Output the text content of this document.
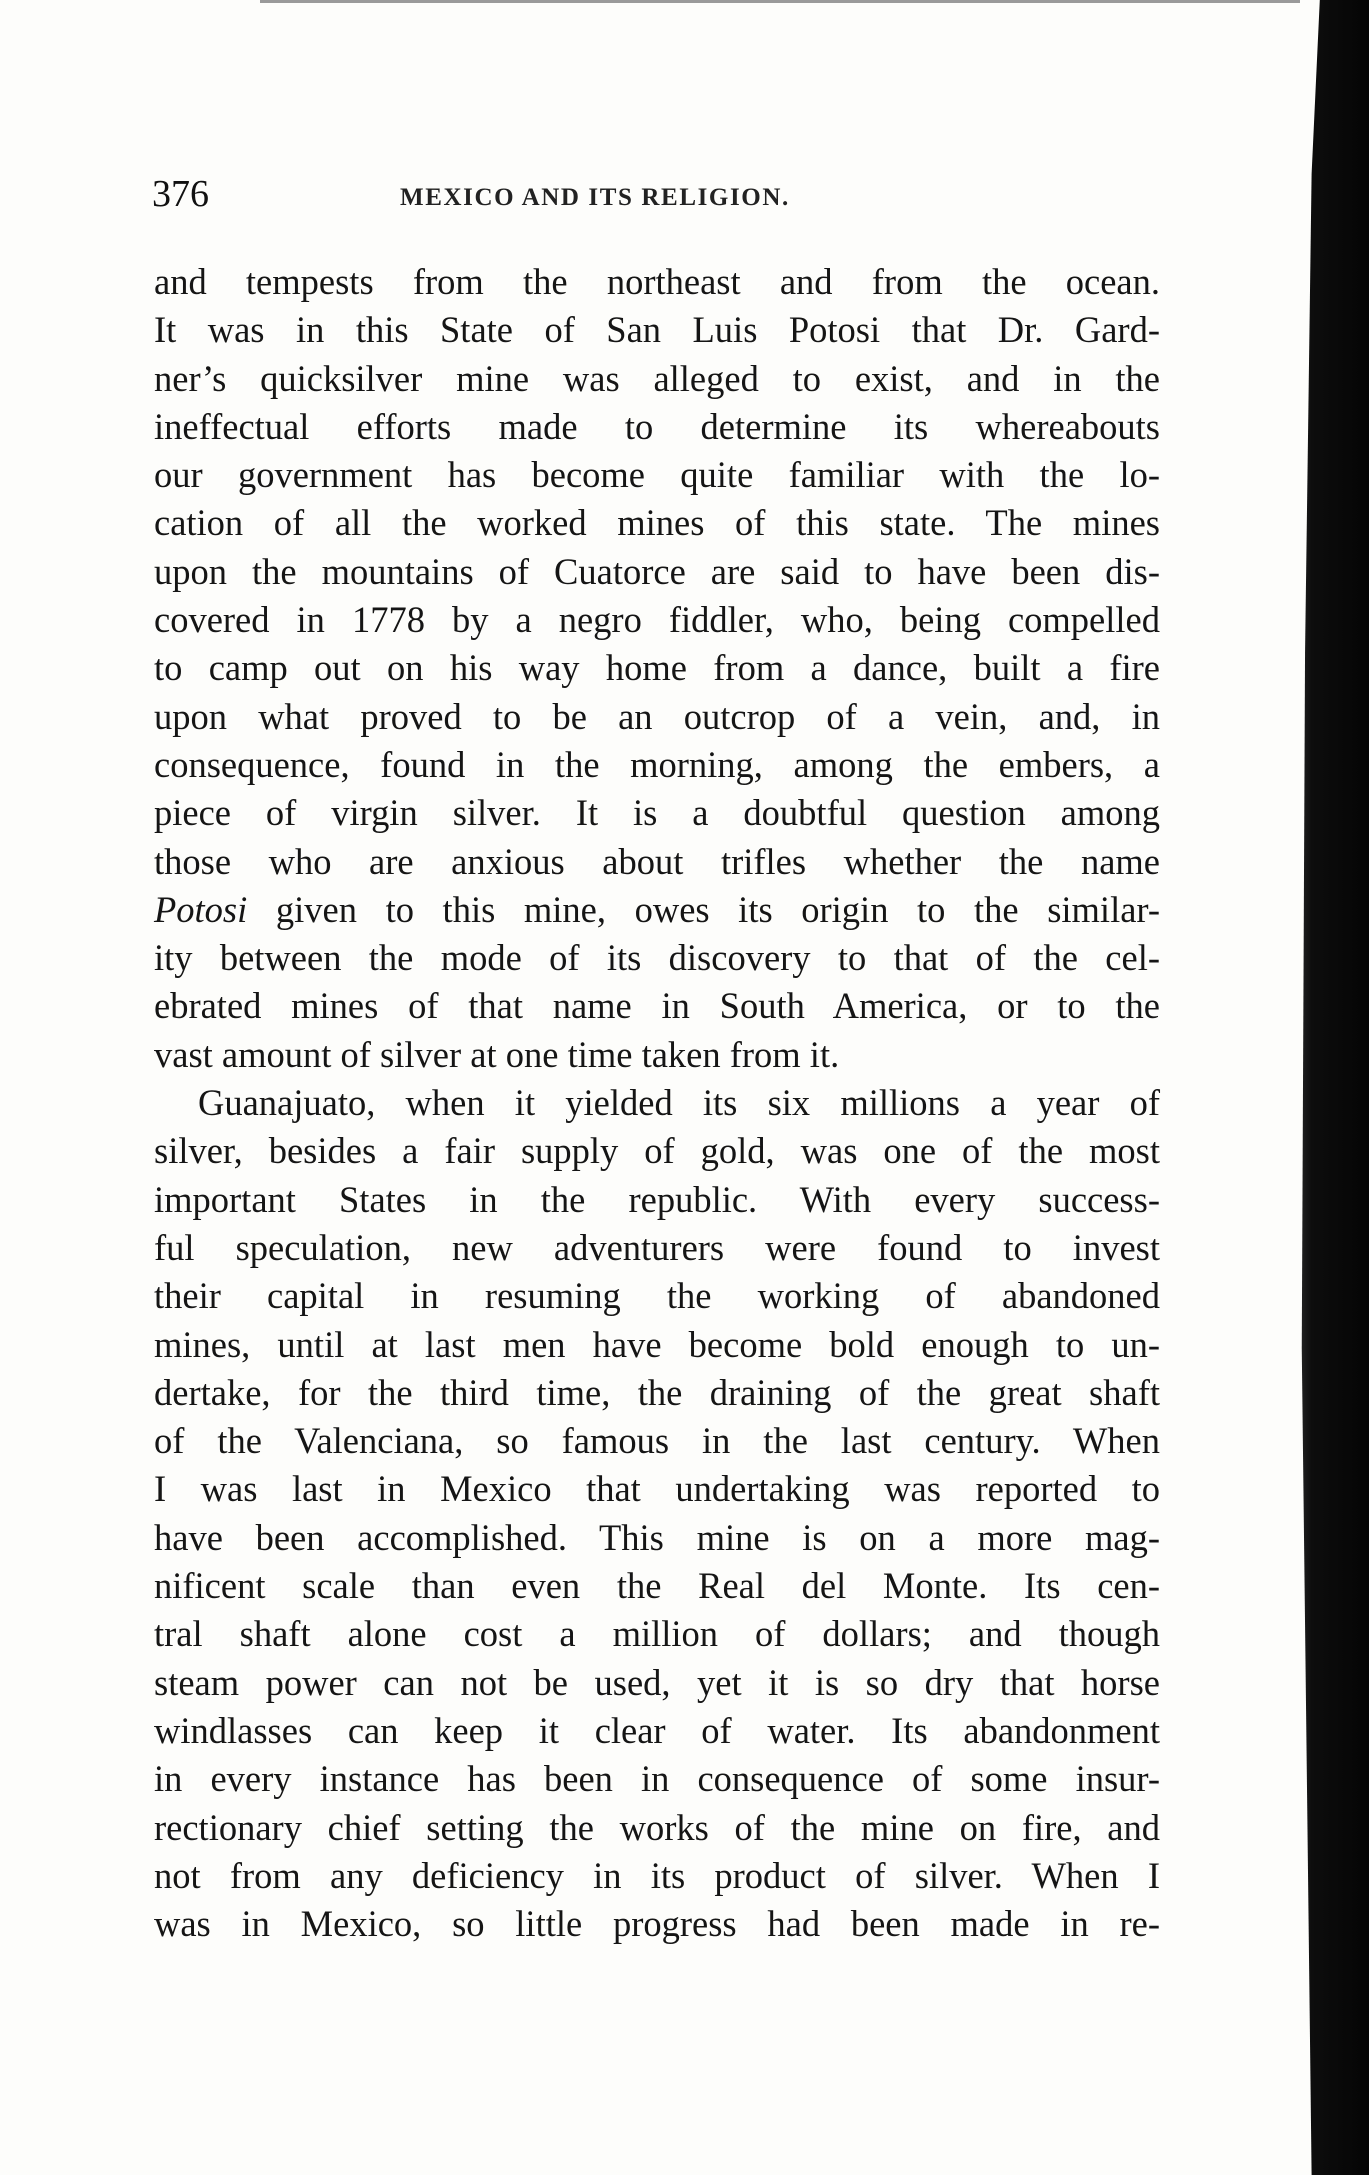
376	MEXICO AND ITS RELIGION.
and tempests from the northeast and from the ocean.
It was in this State of San Luis Potosi that Dr. Gard-
ner’s quicksilver mine was alleged to exist, and in the
ineffectual efforts made to determine its whereabouts
our government has become quite familiar with the lo-
cation of all the worked mines of this state. The mines
upon the mountains of Cuatorce are said to have been dis-
covered in 1778 by a negro fiddler, who, being compelled
to camp out on his way home from a dance, built a fire
upon what proved to be an outcrop of a vein, and, in
consequence, found in the morning, among the embers, a
piece of virgin silver. It is a doubtful question among
those who are anxious about trifles whether the name
Potosi given to this mine, owes its origin to the similar-
ity between the mode of its discovery to that of the cel-
ebrated mines of that name in South America, or to the
vast amount of silver at one time taken from it.
Guanajuato, when it yielded its six millions a year of
silver, besides a fair supply of gold, was one of the most
important States in the republic. With every success-
ful speculation, new adventurers were found to invest
their capital in resuming the working of abandoned
mines, until at last men have become bold enough to un-
dertake, for the third time, the draining of the great shaft
of the Valenciana, so famous in the last century. When
I was last in Mexico that undertaking was reported to
have been accomplished. This mine is on a more mag-
nificent scale than even the Real del Monte. Its cen-
tral shaft alone cost a million of dollars; and though
steam power can not be used, yet it is so dry that horse
windlasses can keep it clear of water. Its abandonment
in every instance has been in consequence of some insur-
rectionary chief setting the works of the mine on fire, and
not from any deficiency in its product of silver. When I
was in Mexico, so little progress had been made in re-
